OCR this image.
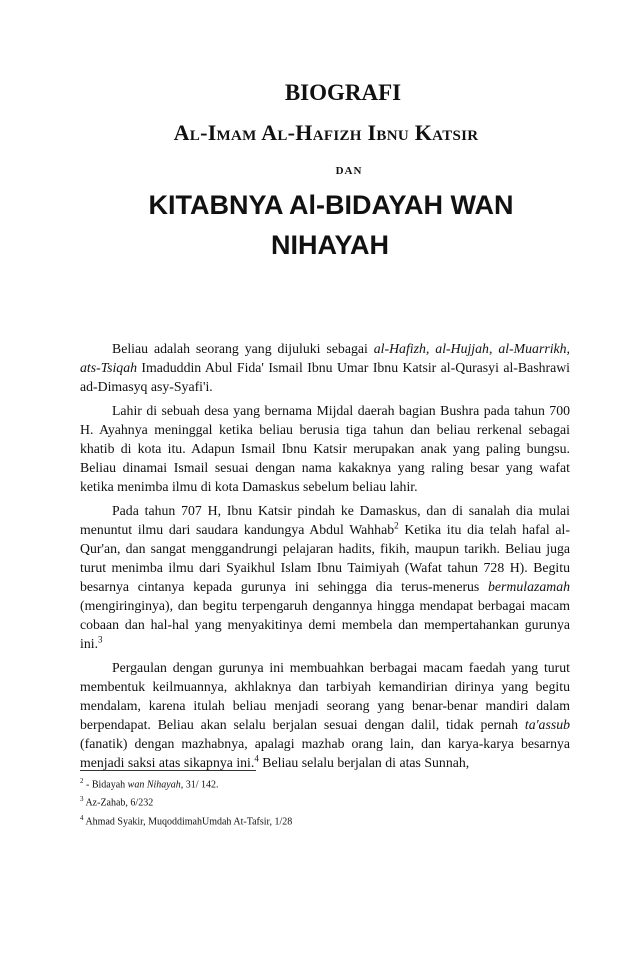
BIOGRAFI
Al-Imam Al-Hafizh Ibnu Katsir
dan
KITABNYA Al-BIDAYAH WAN
NIHAYAH

Beliau adalah seorang yang dijuluki sebagai al-Hafizh, al-Hujjah, al-Muarrikh, ats-Tsiqah Imaduddin Abul Fida' Ismail Ibnu Umar Ibnu Katsir al-Qurasyi al-Bashrawi ad-Dimasyq asy-Syafi'i.

Lahir di sebuah desa yang bernama Mijdal daerah bagian Bushra pada tahun 700 H. Ayahnya meninggal ketika beliau berusia tiga tahun dan beliau rerkenal sebagai khatib di kota itu. Adapun Ismail Ibnu Katsir merupakan anak yang paling bungsu. Beliau dinamai Ismail sesuai dengan nama kakaknya yang raling besar yang wafat ketika menimba ilmu di kota Damaskus sebelum beliau lahir.

Pada tahun 707 H, Ibnu Katsir pindah ke Damaskus, dan di sanalah dia mulai menuntut ilmu dari saudara kandungya Abdul Wahhab$^2$ Ketika itu dia telah hafal al-Qur'an, dan sangat menggandrungi pelajaran hadits, fikih, maupun tarikh. Beliau juga turut menimba ilmu dari Syaikhul Islam Ibnu Taimiyah (Wafat tahun 728 H). Begitu besarnya cintanya kepada gurunya ini sehingga dia terus-menerus bermulazamah (mengiringinya), dan begitu terpengaruh dengannya hingga mendapat berbagai macam cobaan dan hal-hal yang menyakitinya demi membela dan mempertahankan gurunya ini.$^3$

Pergaulan dengan gurunya ini membuahkan berbagai macam faedah yang turut membentuk keilmuannya, akhlaknya dan tarbiyah kemandirian dirinya yang begitu mendalam, karena itulah beliau menjadi seorang yang benar-benar mandiri dalam berpendapat. Beliau akan selalu berjalan sesuai dengan dalil, tidak pernah ta'assub (fanatik) dengan mazhabnya, apalagi mazhab orang lain, dan karya-karya besarnya menjadi saksi atas sikapnya ini.$^4$ Beliau selalu berjalan di atas Sunnah,

$^2$ - Bidayah wan Nihayah, 31/ 142.

$^3$ Az-Zahab, 6/232

$^4$ Ahmad Syakir, MuqoddimahUmdah At-Tafsir, 1/28
